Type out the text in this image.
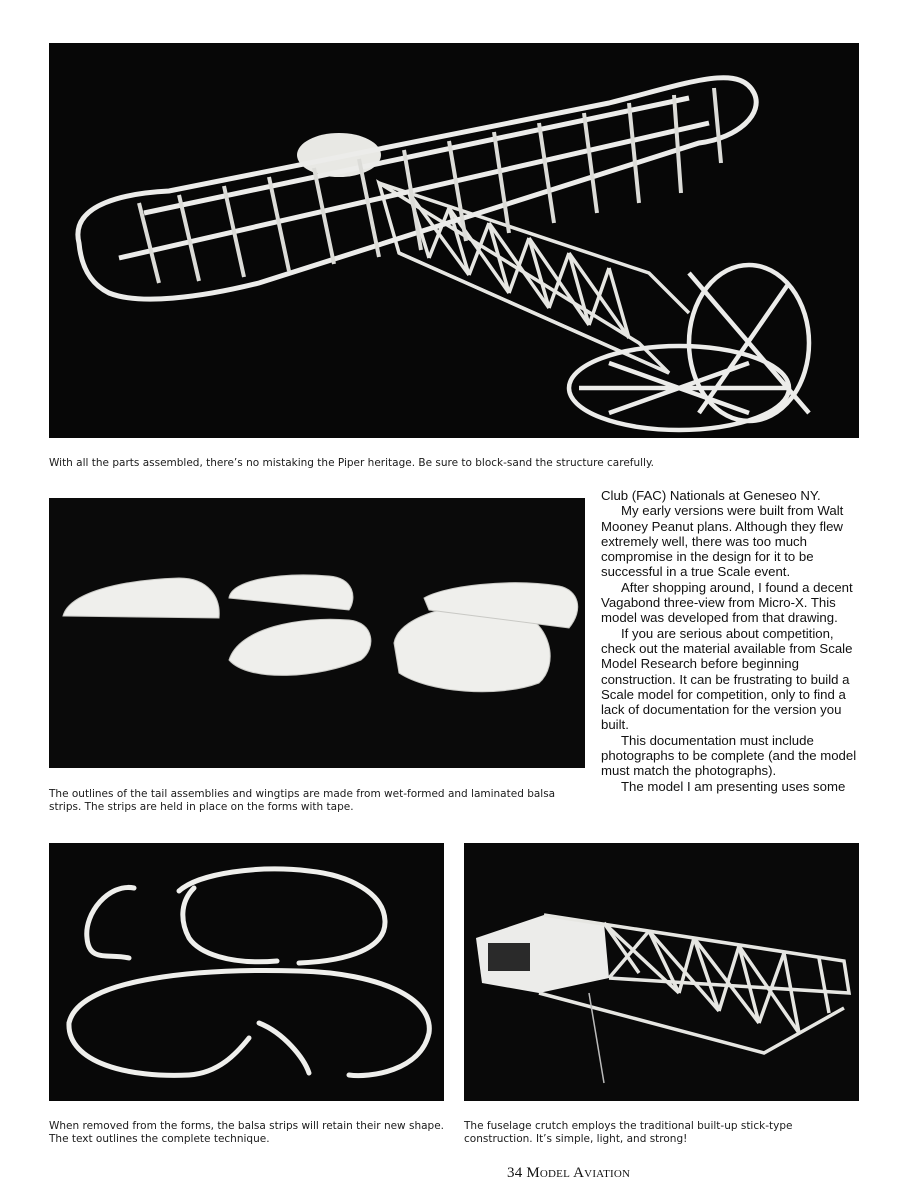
With all the parts assembled, there’s no mistaking the Piper heritage. Be sure to block-sand the structure carefully.
The outlines of the tail assemblies and wingtips are made from wet-formed and laminated balsa strips. The strips are held in place on the forms with tape.

Club (FAC) Nationals at Geneseo NY.

My early versions were built from Walt Mooney Peanut plans. Although they flew extremely well, there was too much compromise in the design for it to be successful in a true Scale event.

After shopping around, I found a decent Vagabond three-view from Micro-X. This model was developed from that drawing.

If you are serious about competition, check out the material available from Scale Model Research before beginning construction. It can be frustrating to build a Scale model for competition, only to find a lack of documentation for the version you built.

This documentation must include photographs to be complete (and the model must match the photographs).

The model I am presenting uses some

When removed from the forms, the balsa strips will retain their new shape. The text outlines the complete technique.
The fuselage crutch employs the traditional built-up stick-type construction. It’s simple, light, and strong!
34 Model Aviation
